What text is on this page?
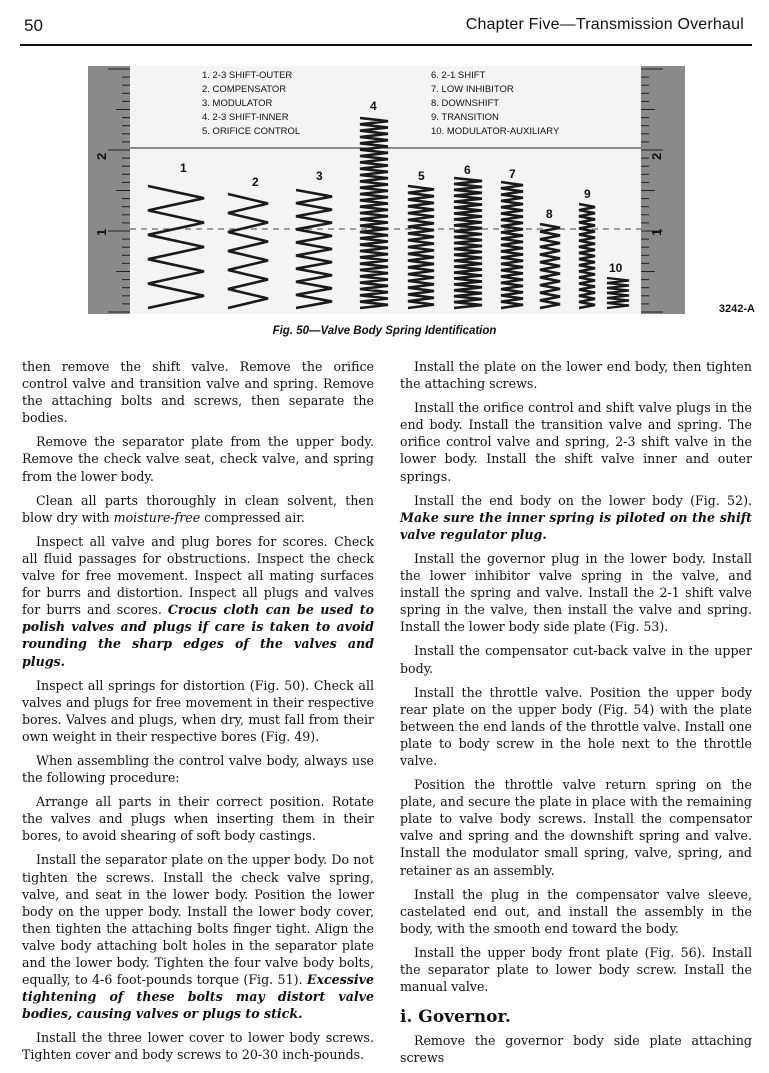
50	Chapter Five—Transmission Overhaul
2
1
2
1
1. 2-3 SHIFT-OUTER
2. COMPENSATOR
3. MODULATOR
4. 2-3 SHIFT-INNER
5. ORIFICE CONTROL
6. 2-1 SHIFT
7. LOW INHIBITOR
8. DOWNSHIFT
9. TRANSITION
10. MODULATOR-AUXILIARY
1
2	3
4
5	6	7
8
9
10
3242-A
Fig. 50—Valve Body Spring Identification

then remove the shift valve. Remove the orifice control valve and transition valve and spring. Remove the attaching bolts and screws, then separate the bodies.

Remove the separator plate from the upper body. Remove the check valve seat, check valve, and spring from the lower body.

Clean all parts thoroughly in clean solvent, then blow dry with moisture-free compressed air.

Inspect all valve and plug bores for scores. Check all fluid passages for obstructions. Inspect the check valve for free movement. Inspect all mating surfaces for burrs and distortion. Inspect all plugs and valves for burrs and scores. Crocus cloth can be used to polish valves and plugs if care is taken to avoid rounding the sharp edges of the valves and plugs.

Inspect all springs for distortion (Fig. 50). Check all valves and plugs for free movement in their respective bores. Valves and plugs, when dry, must fall from their own weight in their respective bores (Fig. 49).

When assembling the control valve body, always use the following procedure:

Arrange all parts in their correct position. Rotate the valves and plugs when inserting them in their bores, to avoid shearing of soft body castings.

Install the separator plate on the upper body. Do not tighten the screws. Install the check valve spring, valve, and seat in the lower body. Position the lower body on the upper body. Install the lower body cover, then tighten the attaching bolts finger tight. Align the valve body attaching bolt holes in the separator plate and the lower body. Tighten the four valve body bolts, equally, to 4-6 foot-pounds torque (Fig. 51). Excessive tightening of these bolts may distort valve bodies, causing valves or plugs to stick.

Install the three lower cover to lower body screws. Tighten cover and body screws to 20-30 inch-pounds.

Install the plate on the lower end body, then tighten the attaching screws.

Install the orifice control and shift valve plugs in the end body. Install the transition valve and spring. The orifice control valve and spring, 2-3 shift valve in the lower body. Install the shift valve inner and outer springs.

Install the end body on the lower body (Fig. 52). Make sure the inner spring is piloted on the shift valve regulator plug.

Install the governor plug in the lower body. Install the lower inhibitor valve spring in the valve, and install the spring and valve. Install the 2-1 shift valve spring in the valve, then install the valve and spring. Install the lower body side plate (Fig. 53).

Install the compensator cut-back valve in the upper body.

Install the throttle valve. Position the upper body rear plate on the upper body (Fig. 54) with the plate between the end lands of the throttle valve. Install one plate to body screw in the hole next to the throttle valve.

Position the throttle valve return spring on the plate, and secure the plate in place with the remaining plate to valve body screws. Install the compensator valve and spring and the downshift spring and valve. Install the modulator small spring, valve, spring, and retainer as an assembly.

Install the plug in the compensator valve sleeve, castelated end out, and install the assembly in the body, with the smooth end toward the body.

Install the upper body front plate (Fig. 56). Install the separator plate to lower body screw. Install the manual valve.

i. Governor.

Remove the governor body side plate attaching screws
